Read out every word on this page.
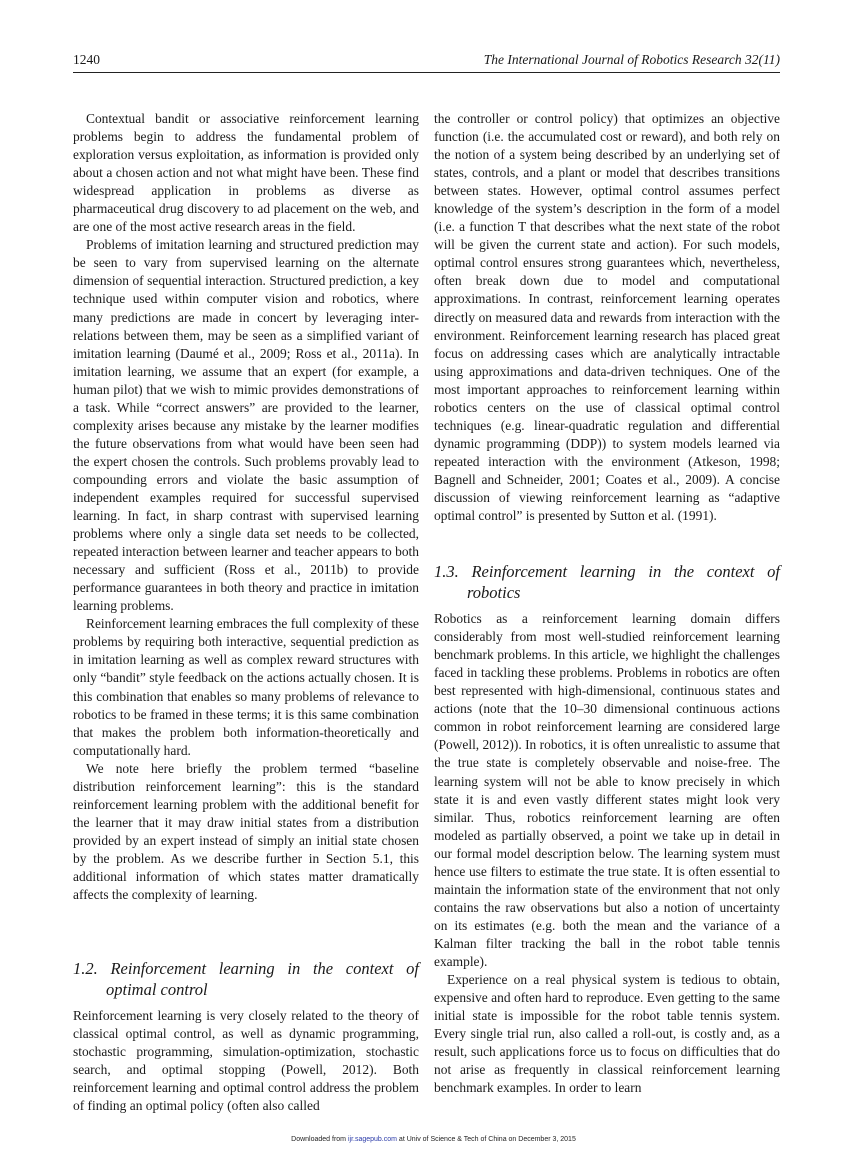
1240	The International Journal of Robotics Research 32(11)

Contextual bandit or associative reinforcement learning problems begin to address the fundamental problem of exploration versus exploitation, as information is provided only about a chosen action and not what might have been. These find widespread application in problems as diverse as pharmaceutical drug discovery to ad placement on the web, and are one of the most active research areas in the field.

Problems of imitation learning and structured prediction may be seen to vary from supervised learning on the alternate dimension of sequential interaction. Structured prediction, a key technique used within computer vision and robotics, where many predictions are made in concert by leveraging inter-relations between them, may be seen as a simplified variant of imitation learning (Daumé et al., 2009; Ross et al., 2011a). In imitation learning, we assume that an expert (for example, a human pilot) that we wish to mimic provides demonstrations of a task. While “correct answers” are provided to the learner, complexity arises because any mistake by the learner modifies the future observations from what would have been seen had the expert chosen the controls. Such problems provably lead to compounding errors and violate the basic assumption of independent examples required for successful supervised learning. In fact, in sharp contrast with supervised learning problems where only a single data set needs to be collected, repeated interaction between learner and teacher appears to both necessary and sufficient (Ross et al., 2011b) to provide performance guarantees in both theory and practice in imitation learning problems.

Reinforcement learning embraces the full complexity of these problems by requiring both interactive, sequential prediction as in imitation learning as well as complex reward structures with only “bandit” style feedback on the actions actually chosen. It is this combination that enables so many problems of relevance to robotics to be framed in these terms; it is this same combination that makes the problem both information-theoretically and computationally hard.

We note here briefly the problem termed “baseline distribution reinforcement learning”: this is the standard reinforcement learning problem with the additional benefit for the learner that it may draw initial states from a distribution provided by an expert instead of simply an initial state chosen by the problem. As we describe further in Section 5.1, this additional information of which states matter dramatically affects the complexity of learning.

1.2. Reinforcement learning in the context of optimal control

Reinforcement learning is very closely related to the theory of classical optimal control, as well as dynamic programming, stochastic programming, simulation-optimization, stochastic search, and optimal stopping (Powell, 2012). Both reinforcement learning and optimal control address the problem of finding an optimal policy (often also called

the controller or control policy) that optimizes an objective function (i.e. the accumulated cost or reward), and both rely on the notion of a system being described by an underlying set of states, controls, and a plant or model that describes transitions between states. However, optimal control assumes perfect knowledge of the system’s description in the form of a model (i.e. a function T that describes what the next state of the robot will be given the current state and action). For such models, optimal control ensures strong guarantees which, nevertheless, often break down due to model and computational approximations. In contrast, reinforcement learning operates directly on measured data and rewards from interaction with the environment. Reinforcement learning research has placed great focus on addressing cases which are analytically intractable using approximations and data-driven techniques. One of the most important approaches to reinforcement learning within robotics centers on the use of classical optimal control techniques (e.g. linear-quadratic regulation and differential dynamic programming (DDP)) to system models learned via repeated interaction with the environment (Atkeson, 1998; Bagnell and Schneider, 2001; Coates et al., 2009). A concise discussion of viewing reinforcement learning as “adaptive optimal control” is presented by Sutton et al. (1991).

1.3. Reinforcement learning in the context of robotics

Robotics as a reinforcement learning domain differs considerably from most well-studied reinforcement learning benchmark problems. In this article, we highlight the challenges faced in tackling these problems. Problems in robotics are often best represented with high-dimensional, continuous states and actions (note that the 10–30 dimensional continuous actions common in robot reinforcement learning are considered large (Powell, 2012)). In robotics, it is often unrealistic to assume that the true state is completely observable and noise-free. The learning system will not be able to know precisely in which state it is and even vastly different states might look very similar. Thus, robotics reinforcement learning are often modeled as partially observed, a point we take up in detail in our formal model description below. The learning system must hence use filters to estimate the true state. It is often essential to maintain the information state of the environment that not only contains the raw observations but also a notion of uncertainty on its estimates (e.g. both the mean and the variance of a Kalman filter tracking the ball in the robot table tennis example).

Experience on a real physical system is tedious to obtain, expensive and often hard to reproduce. Even getting to the same initial state is impossible for the robot table tennis system. Every single trial run, also called a roll-out, is costly and, as a result, such applications force us to focus on difficulties that do not arise as frequently in classical reinforcement learning benchmark examples. In order to learn

Downloaded from ijr.sagepub.com at Univ of Science & Tech of China on December 3, 2015
